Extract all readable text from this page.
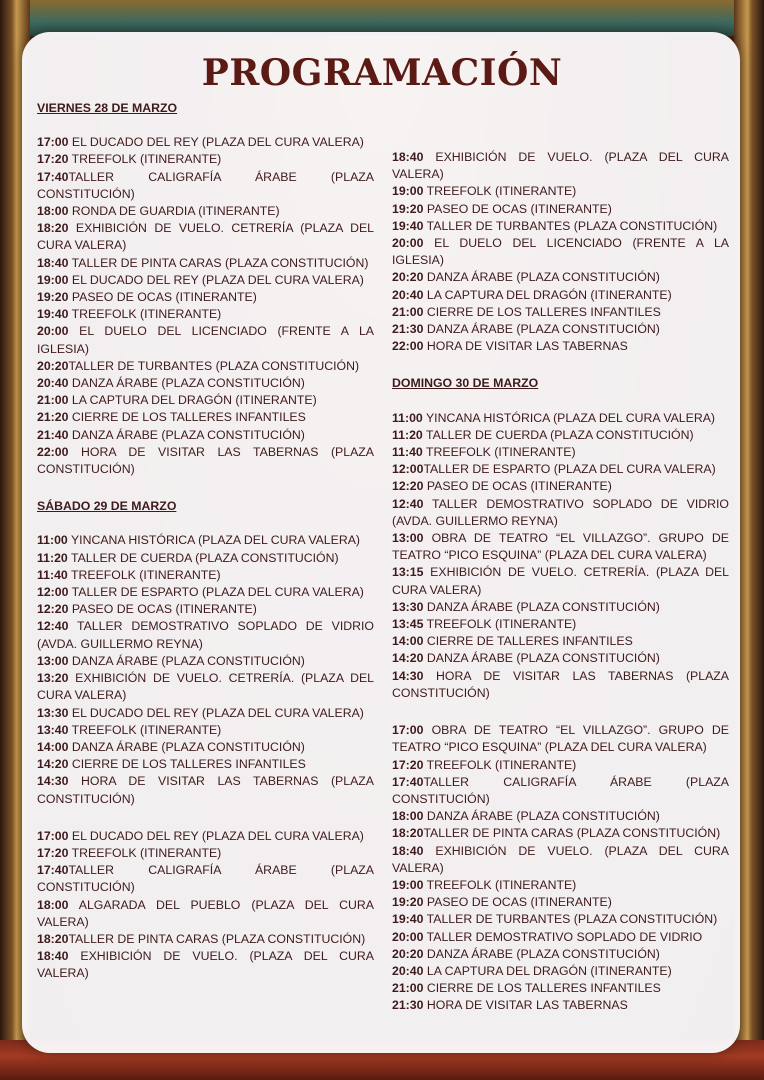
PROGRAMACIÓN

VIERNES 28 DE MARZO

17:00 EL DUCADO DEL REY (PLAZA DEL CURA VALERA)

17:20 TREEFOLK (ITINERANTE)

17:40TALLER CALIGRAFÍA ÁRABE (PLAZA CONSTITUCIÓN)

18:00 RONDA DE GUARDIA (ITINERANTE)

18:20 EXHIBICIÓN DE VUELO. CETRERÍA (PLAZA DEL CURA VALERA)

18:40 TALLER DE PINTA CARAS (PLAZA CONSTITUCIÓN)

19:00 EL DUCADO DEL REY (PLAZA DEL CURA VALERA)

19:20 PASEO DE OCAS (ITINERANTE)

19:40 TREEFOLK (ITINERANTE)

20:00 EL DUELO DEL LICENCIADO (FRENTE A LA IGLESIA)

20:20TALLER DE TURBANTES (PLAZA CONSTITUCIÓN)

20:40 DANZA ÁRABE (PLAZA CONSTITUCIÓN)

21:00 LA CAPTURA DEL DRAGÓN (ITINERANTE)

21:20 CIERRE DE LOS TALLERES INFANTILES

21:40 DANZA ÁRABE (PLAZA CONSTITUCIÓN)

22:00 HORA DE VISITAR LAS TABERNAS (PLAZA CONSTITUCIÓN)

SÁBADO 29 DE MARZO

11:00 YINCANA HISTÓRICA (PLAZA DEL CURA VALERA)

11:20 TALLER DE CUERDA (PLAZA CONSTITUCIÓN)

11:40 TREEFOLK (ITINERANTE)

12:00 TALLER DE ESPARTO (PLAZA DEL CURA VALERA)

12:20 PASEO DE OCAS (ITINERANTE)

12:40 TALLER DEMOSTRATIVO SOPLADO DE VIDRIO (AVDA. GUILLERMO REYNA)

13:00 DANZA ÁRABE (PLAZA CONSTITUCIÓN)

13:20 EXHIBICIÓN DE VUELO. CETRERÍA. (PLAZA DEL CURA VALERA)

13:30 EL DUCADO DEL REY (PLAZA DEL CURA VALERA)

13:40 TREEFOLK (ITINERANTE)

14:00 DANZA ÁRABE (PLAZA CONSTITUCIÓN)

14:20 CIERRE DE LOS TALLERES INFANTILES

14:30 HORA DE VISITAR LAS TABERNAS (PLAZA CONSTITUCIÓN)

17:00 EL DUCADO DEL REY (PLAZA DEL CURA VALERA)

17:20 TREEFOLK (ITINERANTE)

17:40TALLER CALIGRAFÍA ÁRABE (PLAZA CONSTITUCIÓN)

18:00 ALGARADA DEL PUEBLO (PLAZA DEL CURA VALERA)

18:20TALLER DE PINTA CARAS (PLAZA CONSTITUCIÓN)

18:40 EXHIBICIÓN DE VUELO. (PLAZA DEL CURA VALERA)

18:40 EXHIBICIÓN DE VUELO. (PLAZA DEL CURA VALERA)

19:00 TREEFOLK (ITINERANTE)

19:20 PASEO DE OCAS (ITINERANTE)

19:40 TALLER DE TURBANTES (PLAZA CONSTITUCIÓN)

20:00 EL DUELO DEL LICENCIADO (FRENTE A LA IGLESIA)

20:20 DANZA ÁRABE (PLAZA CONSTITUCIÓN)

20:40 LA CAPTURA DEL DRAGÓN (ITINERANTE)

21:00 CIERRE DE LOS TALLERES INFANTILES

21:30 DANZA ÁRABE (PLAZA CONSTITUCIÓN)

22:00 HORA DE VISITAR LAS TABERNAS

DOMINGO 30 DE MARZO

11:00 YINCANA HISTÓRICA (PLAZA DEL CURA VALERA)

11:20 TALLER DE CUERDA (PLAZA CONSTITUCIÓN)

11:40 TREEFOLK (ITINERANTE)

12:00TALLER DE ESPARTO (PLAZA DEL CURA VALERA)

12:20 PASEO DE OCAS (ITINERANTE)

12:40 TALLER DEMOSTRATIVO SOPLADO DE VIDRIO (AVDA. GUILLERMO REYNA)

13:00 OBRA DE TEATRO “EL VILLAZGO”. GRUPO DE TEATRO “PICO ESQUINA” (PLAZA DEL CURA VALERA)

13:15 EXHIBICIÓN DE VUELO. CETRERÍA. (PLAZA DEL CURA VALERA)

13:30 DANZA ÁRABE (PLAZA CONSTITUCIÓN)

13:45 TREEFOLK (ITINERANTE)

14:00 CIERRE DE TALLERES INFANTILES

14:20 DANZA ÁRABE (PLAZA CONSTITUCIÓN)

14:30 HORA DE VISITAR LAS TABERNAS (PLAZA CONSTITUCIÓN)

17:00 OBRA DE TEATRO “EL VILLAZGO”. GRUPO DE TEATRO “PICO ESQUINA” (PLAZA DEL CURA VALERA)

17:20 TREEFOLK (ITINERANTE)

17:40TALLER CALIGRAFÍA ÁRABE (PLAZA CONSTITUCIÓN)

18:00 DANZA ÁRABE (PLAZA CONSTITUCIÓN)

18:20TALLER DE PINTA CARAS (PLAZA CONSTITUCIÓN)

18:40 EXHIBICIÓN DE VUELO. (PLAZA DEL CURA VALERA)

19:00 TREEFOLK (ITINERANTE)

19:20 PASEO DE OCAS (ITINERANTE)

19:40 TALLER DE TURBANTES (PLAZA CONSTITUCIÓN)

20:00 TALLER DEMOSTRATIVO SOPLADO DE VIDRIO

20:20 DANZA ÁRABE (PLAZA CONSTITUCIÓN)

20:40 LA CAPTURA DEL DRAGÓN (ITINERANTE)

21:00 CIERRE DE LOS TALLERES INFANTILES

21:30 HORA DE VISITAR LAS TABERNAS
